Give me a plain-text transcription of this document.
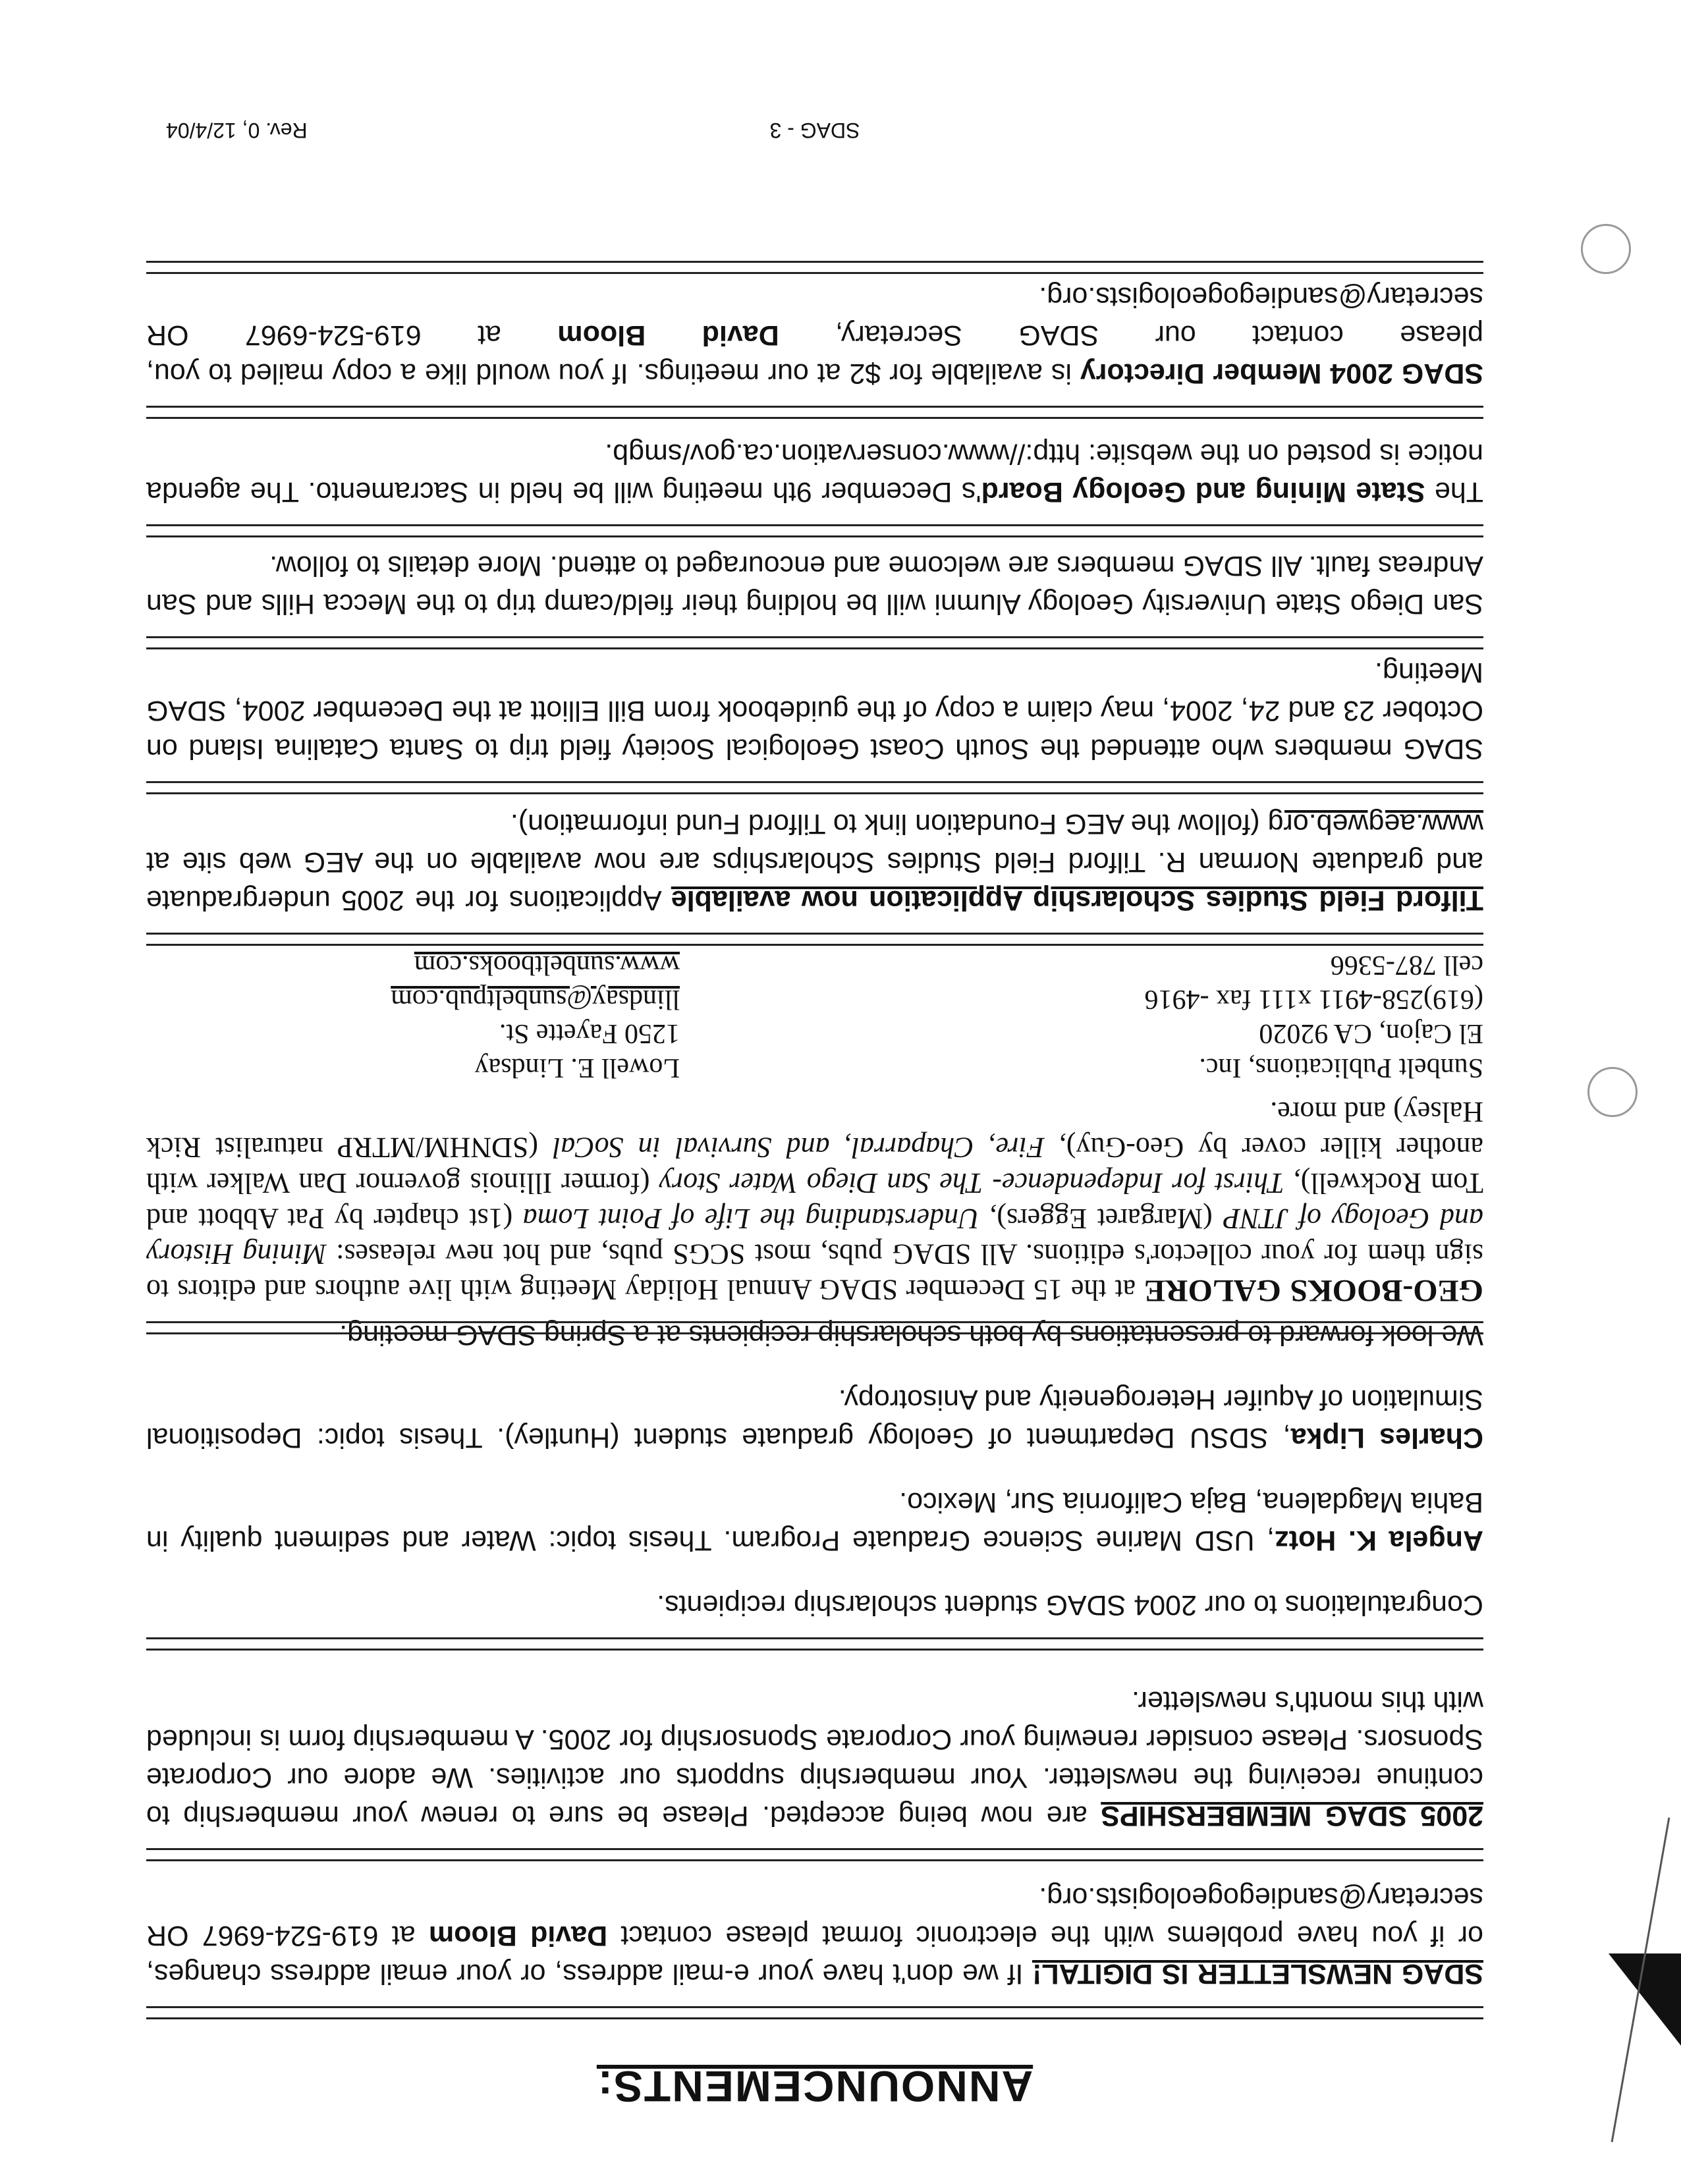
ANNOUNCEMENTS:

SDAG NEWSLETTER IS DIGITAL! If we don't have your e-mail address, or your email address changes, or if you have problems with the electronic format please contact David Bloom at 619-524-6967 OR secretary@sandiegogeologists.org.

2005 SDAG MEMBERSHIPS are now being accepted. Please be sure to renew your membership to continue receiving the newsletter. Your membership supports our activities. We adore our Corporate Sponsors. Please consider renewing your Corporate Sponsorship for 2005. A membership form is included with this month's newsletter.

Congratulations to our 2004 SDAG student scholarship recipients.

Angela K. Hotz, USD Marine Science Graduate Program. Thesis topic: Water and sediment quality in Bahia Magdalena, Baja California Sur, Mexico.

Charles Lipka, SDSU Department of Geology graduate student (Huntley). Thesis topic: Depositional Simulation of Aquifer Heterogeneity and Anisotropy.

We look forward to presentations by both scholarship recipients at a Spring SDAG meeting.

GEO-BOOKS GALORE at the 15 December SDAG Annual Holiday Meeting with live authors and editors to sign them for your collector's editions. All SDAG pubs, most SCGS pubs, and hot new releases: Mining History and Geology of JTNP (Margaret Eggers), Understanding the Life of Point Loma (1st chapter by Pat Abbott and Tom Rockwell), Thirst for Independence- The San Diego Water Story (former Illinois governor Dan Walker with another killer cover by Geo-Guy), Fire, Chaparral, and Survival in SoCal (SDNHM/MTRP naturalist Rick Halsey) and more.

Sunbelt Publications, Inc.
El Cajon, CA 92020
(619)258-4911 x111 fax -4916
cell 787-5366
Lowell E. Lindsay
1250 Fayette St.
llindsay@sunbeltpub.com
www.sunbeltbooks.com

Tilford Field Studies Scholarship Application now available Applications for the 2005 undergraduate and graduate Norman R. Tilford Field Studies Scholarships are now available on the AEG web site at www.aegweb.org (follow the AEG Foundation link to Tilford Fund information).

SDAG members who attended the South Coast Geological Society field trip to Santa Catalina Island on October 23 and 24, 2004, may claim a copy of the guidebook from Bill Elliott at the December 2004, SDAG Meeting.

San Diego State University Geology Alumni will be holding their field/camp trip to the Mecca Hills and San Andreas fault. All SDAG members are welcome and encouraged to attend. More details to follow.

The State Mining and Geology Board's December 9th meeting will be held in Sacramento. The agenda notice is posted on the website: http://www.conservation.ca.gov/smgb.

SDAG 2004 Member Directory is available for $2 at our meetings. If you would like a copy mailed to you, please contact our SDAG Secretary, David Bloom at 619-524-6967 OR secretary@sandiegogeologists.org.

SDAG - 3
Rev. 0, 12/4/04
